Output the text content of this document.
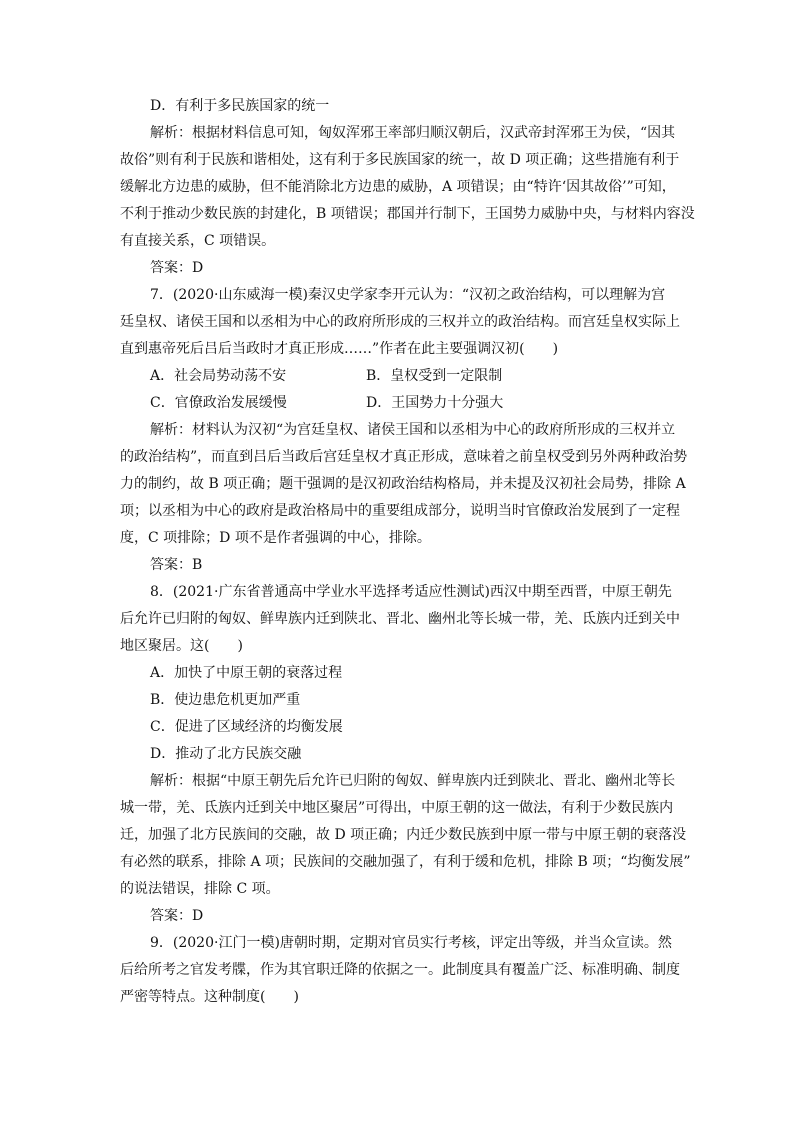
D．有利于多民族国家的统一
解析：根据材料信息可知，匈奴浑邪王率部归顺汉朝后，汉武帝封浑邪王为侯，“因其
故俗”则有利于民族和谐相处，这有利于多民族国家的统一，故 D 项正确；这些措施有利于
缓解北方边患的威胁，但不能消除北方边患的威胁，A 项错误；由“特许‘因其故俗’”可知，
不利于推动少数民族的封建化，B 项错误；郡国并行制下，王国势力威胁中央，与材料内容没
有直接关系，C 项错误。
答案：D
7．(2020·山东威海一模)秦汉史学家李开元认为：“汉初之政治结构，可以理解为宫
廷皇权、诸侯王国和以丞相为中心的政府所形成的三权并立的政治结构。而宫廷皇权实际上
直到惠帝死后吕后当政时才真正形成……”作者在此主要强调汉初(　　)
A．社会局势动荡不安	B．皇权受到一定限制
C．官僚政治发展缓慢	D．王国势力十分强大
解析：材料认为汉初“为宫廷皇权、诸侯王国和以丞相为中心的政府所形成的三权并立
的政治结构”，而直到吕后当政后宫廷皇权才真正形成，意味着之前皇权受到另外两种政治势
力的制约，故 B 项正确；题干强调的是汉初政治结构格局，并未提及汉初社会局势，排除 A
项；以丞相为中心的政府是政治格局中的重要组成部分，说明当时官僚政治发展到了一定程
度，C 项排除；D 项不是作者强调的中心，排除。
答案：B
8．(2021·广东省普通高中学业水平选择考适应性测试)西汉中期至西晋，中原王朝先
后允许已归附的匈奴、鲜卑族内迁到陕北、晋北、幽州北等长城一带，羌、氐族内迁到关中
地区聚居。这(　　)
A．加快了中原王朝的衰落过程
B．使边患危机更加严重
C．促进了区域经济的均衡发展
D．推动了北方民族交融
解析：根据“中原王朝先后允许已归附的匈奴、鲜卑族内迁到陕北、晋北、幽州北等长
城一带，羌、氐族内迁到关中地区聚居”可得出，中原王朝的这一做法，有利于少数民族内
迁，加强了北方民族间的交融，故 D 项正确；内迁少数民族到中原一带与中原王朝的衰落没
有必然的联系，排除 A 项；民族间的交融加强了，有利于缓和危机，排除 B 项；“均衡发展”
的说法错误，排除 C 项。
答案：D
9．(2020·江门一模)唐朝时期，定期对官员实行考核，评定出等级，并当众宣读。然
后给所考之官发考牒，作为其官职迁降的依据之一。此制度具有覆盖广泛、标准明确、制度
严密等特点。这种制度(　　)
